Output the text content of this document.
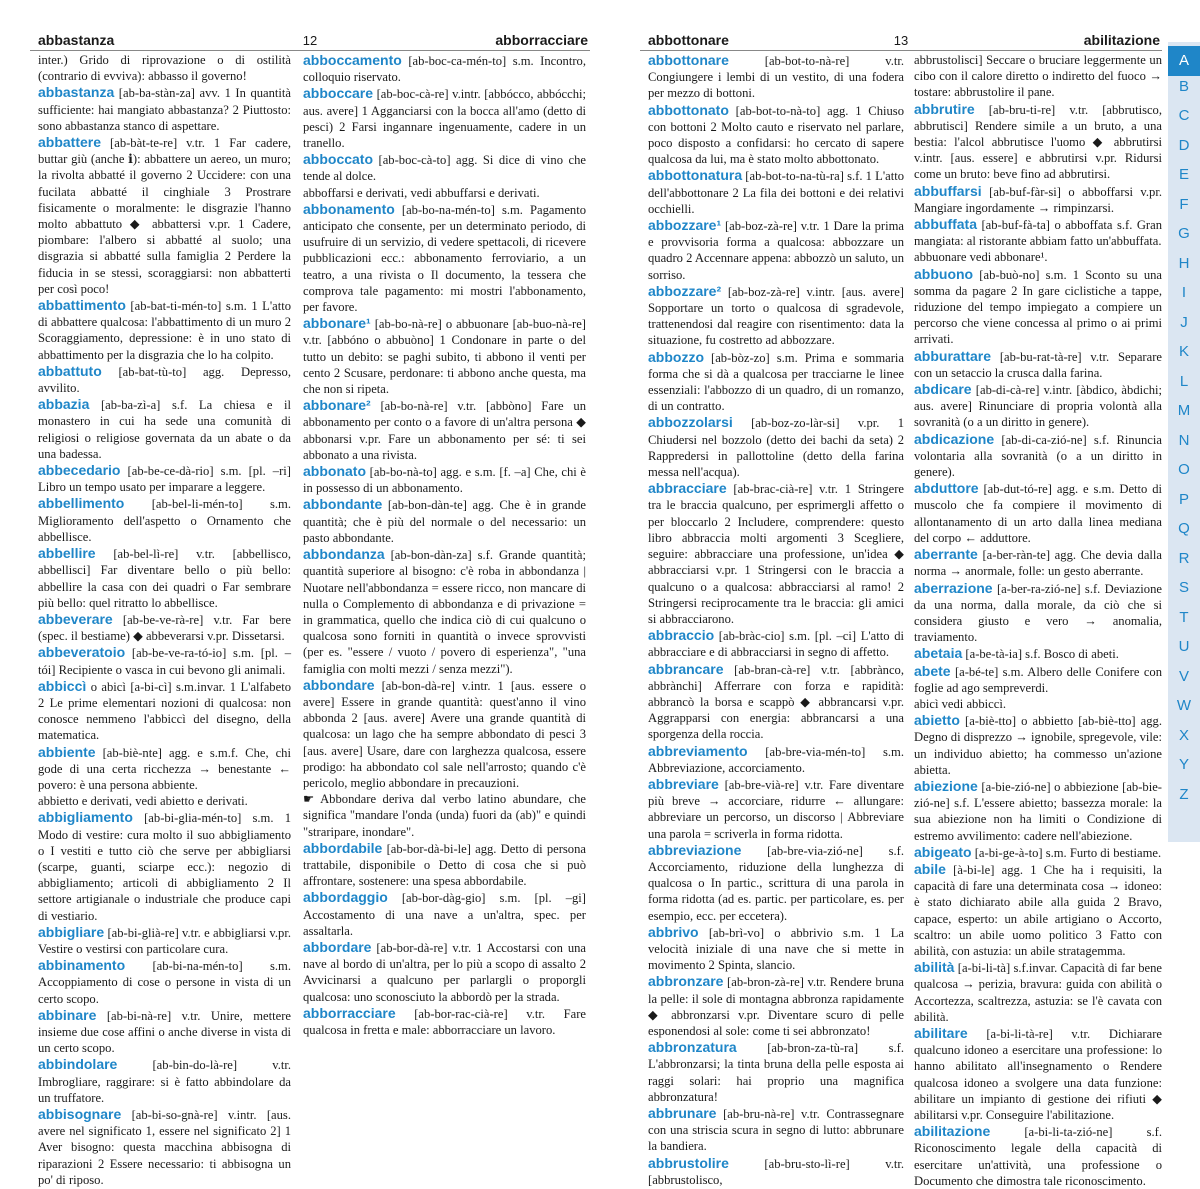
abbastanza	12	abborracciare

inter.) Grido di riprovazione o di ostilità (contrario di evviva): abbasso il governo!

abbastanza [ab-ba-stàn-za] avv. 1 In quantità sufficiente: hai mangiato abbastanza? 2 Piuttosto: sono abbastanza stanco di aspettare.

abbattere [ab-bàt-te-re] v.tr. 1 Far cadere, buttar giù (anche ℹ): abbattere un aereo, un muro; la rivolta abbatté il governo 2 Uccidere: con una fucilata abbatté il cinghiale 3 Prostrare fisicamente o moralmente: le disgrazie l'hanno molto abbattuto ◆ abbattersi v.pr. 1 Cadere, piombare: l'albero si abbatté al suolo; una disgrazia si abbatté sulla famiglia 2 Perdere la fiducia in se stessi, scoraggiarsi: non abbatterti per così poco!

abbattimento [ab-bat-ti-mén-to] s.m. 1 L'atto di abbattere qualcosa: l'abbattimento di un muro 2 Scoraggiamento, depressione: è in uno stato di abbattimento per la disgrazia che lo ha colpito.

abbattuto [ab-bat-tù-to] agg. Depresso, avvilito.

abbazia [ab-ba-zì-a] s.f. La chiesa e il monastero in cui ha sede una comunità di religiosi o religiose governata da un abate o da una badessa.

abbecedario [ab-be-ce-dà-rio] s.m. [pl. –ri] Libro un tempo usato per imparare a leggere.

abbellimento [ab-bel-li-mén-to] s.m. Miglioramento dell'aspetto o Ornamento che abbellisce.

abbellire [ab-bel-lì-re] v.tr. [abbellisco, abbellisci] Far diventare bello o più bello: abbellire la casa con dei quadri o Far sembrare più bello: quel ritratto lo abbellisce.

abbeverare [ab-be-ve-rà-re] v.tr. Far bere (spec. il bestiame) ◆ abbeverarsi v.pr. Dissetarsi.

abbeveratoio [ab-be-ve-ra-tó-io] s.m. [pl. –tói] Recipiente o vasca in cui bevono gli animali.

abbiccì o abicì [a-bi-cì] s.m.invar. 1 L'alfabeto 2 Le prime elementari nozioni di qualcosa: non conosce nemmeno l'abbiccì del disegno, della matematica.

abbiente [ab-biè-nte] agg. e s.m.f. Che, chi gode di una certa ricchezza → benestante ← povero: è una persona abbiente.

abbietto e derivati, vedi abietto e derivati.

abbigliamento [ab-bi-glia-mén-to] s.m. 1 Modo di vestire: cura molto il suo abbigliamento o I vestiti e tutto ciò che serve per abbigliarsi (scarpe, guanti, sciarpe ecc.): negozio di abbigliamento; articoli di abbigliamento 2 Il settore artigianale o industriale che produce capi di vestiario.

abbigliare [ab-bi-glià-re] v.tr. e abbigliarsi v.pr. Vestire o vestirsi con particolare cura.

abbinamento [ab-bi-na-mén-to] s.m. Accoppiamento di cose o persone in vista di un certo scopo.

abbinare [ab-bi-nà-re] v.tr. Unire, mettere insieme due cose affini o anche diverse in vista di un certo scopo.

abbindolare	[ab-bin-do-là-re] v.tr. Imbrogliare, raggirare: si è fatto abbindolare da un truffatore.

abbisognare [ab-bi-so-gnà-re] v.intr. [aus. avere nel significato 1, essere nel significato 2] 1 Aver bisogno: questa macchina abbisogna di riparazioni 2 Essere necessario: ti abbisogna un po' di riposo.

abboccamento [ab-boc-ca-mén-to] s.m. Incontro, colloquio riservato.

abboccare [ab-boc-cà-re] v.intr. [abbócco, abbócchi; aus. avere] 1 Agganciarsi con la bocca all'amo (detto di pesci) 2 Farsi ingannare ingenuamente, cadere in un tranello.

abboccato [ab-boc-cà-to] agg. Si dice di vino che tende al dolce.

abboffarsi e derivati, vedi abbuffarsi e derivati.

abbonamento [ab-bo-na-mén-to] s.m. Pagamento anticipato che consente, per un determinato periodo, di usufruire di un servizio, di vedere spettacoli, di ricevere pubblicazioni ecc.: abbonamento ferroviario, a un teatro, a una rivista o Il documento, la tessera che comprova tale pagamento: mi mostri l'abbonamento, per favore.

abbonare¹ [ab-bo-nà-re] o abbuonare [ab-buo-nà-re] v.tr. [abbóno o abbuòno] 1 Condonare in parte o del tutto un debito: se paghi subito, ti abbono il venti per cento 2 Scusare, perdonare: ti abbono anche questa, ma che non si ripeta.

abbonare² [ab-bo-nà-re] v.tr. [abbòno] Fare un abbonamento per conto o a favore di un'altra persona ◆ abbonarsi v.pr. Fare un abbonamento per sé: ti sei abbonato a una rivista.

abbonato [ab-bo-nà-to] agg. e s.m. [f. –a] Che, chi è in possesso di un abbonamento.

abbondante [ab-bon-dàn-te] agg. Che è in grande quantità; che è più del normale o del necessario: un pasto abbondante.

abbondanza [ab-bon-dàn-za] s.f. Grande quantità; quantità superiore al bisogno: c'è roba in abbondanza | Nuotare nell'abbondanza = essere ricco, non mancare di nulla o Complemento di abbondanza e di privazione = in grammatica, quello che indica ciò di cui qualcuno o qualcosa sono forniti in quantità o invece sprovvisti (per es. "essere / vuoto / povero di esperienza", "una famiglia con molti mezzi / senza mezzi").

abbondare [ab-bon-dà-re] v.intr. 1 [aus. essere o avere] Essere in grande quantità: quest'anno il vino abbonda 2 [aus. avere] Avere una grande quantità di qualcosa: un lago che ha sempre abbondato di pesci 3 [aus. avere] Usare, dare con larghezza qualcosa, essere prodigo: ha abbondato col sale nell'arrosto; quando c'è pericolo, meglio abbondare in precauzioni.

☛ Abbondare deriva dal verbo latino abundare, che significa "mandare l'onda (unda) fuori da (ab)" e quindi "straripare, inondare".

abbordabile [ab-bor-dà-bi-le] agg. Detto di persona trattabile, disponibile o Detto di cosa che si può affrontare, sostenere: una spesa abbordabile.

abbordaggio [ab-bor-dàg-gio] s.m. [pl. –gi] Accostamento di una nave a un'altra, spec. per assaltarla.

abbordare [ab-bor-dà-re] v.tr. 1 Accostarsi con una nave al bordo di un'altra, per lo più a scopo di assalto 2 Avvicinarsi a qualcuno per parlargli o proporgli qualcosa: uno sconosciuto la abbordò per la strada.

abborracciare [ab-bor-rac-cià-re] v.tr. Fare qualcosa in fretta e male: abborracciare un lavoro.

abbottonare	13	abilitazione

abbottonare	[ab-bot-to-nà-re] v.tr. Congiungere i lembi di un vestito, di una fodera per mezzo di bottoni.

abbottonato [ab-bot-to-nà-to] agg. 1 Chiuso con bottoni 2 Molto cauto e riservato nel parlare, poco disposto a confidarsi: ho cercato di sapere qualcosa da lui, ma è stato molto abbottonato.

abbottonatura [ab-bot-to-na-tù-ra] s.f. 1 L'atto dell'abbottonare 2 La fila dei bottoni e dei relativi occhielli.

abbozzare¹ [ab-boz-zà-re] v.tr. 1 Dare la prima e provvisoria forma a qualcosa: abbozzare un quadro 2 Accennare appena: abbozzò un saluto, un sorriso.

abbozzare² [ab-boz-zà-re] v.intr. [aus. avere] Sopportare un torto o qualcosa di sgradevole, trattenendosi dal reagire con risentimento: data la situazione, fu costretto ad abbozzare.

abbozzo [ab-bòz-zo] s.m. Prima e sommaria forma che si dà a qualcosa per tracciarne le linee essenziali: l'abbozzo di un quadro, di un romanzo, di un contratto.

abbozzolarsi [ab-boz-zo-làr-si] v.pr. 1 Chiudersi nel bozzolo (detto dei bachi da seta) 2 Rappredersi in pallottoline (detto della farina messa nell'acqua).

abbracciare [ab-brac-cià-re] v.tr. 1 Stringere tra le braccia qualcuno, per esprimergli affetto o per bloccarlo 2 Includere, comprendere: questo libro abbraccia molti argomenti 3 Scegliere, seguire: abbracciare una professione, un'idea ◆ abbracciarsi v.pr. 1 Stringersi con le braccia a qualcuno o a qualcosa: abbracciarsi al ramo! 2 Stringersi reciprocamente tra le braccia: gli amici si abbracciarono.

abbraccio [ab-bràc-cio] s.m. [pl. –ci] L'atto di abbracciare e di abbracciarsi in segno di affetto.

abbrancare [ab-bran-cà-re] v.tr. [abbrànco, abbrànchi] Afferrare con forza e rapidità: abbrancò la borsa e scappò ◆ abbrancarsi v.pr. Aggrapparsi con energia: abbrancarsi a una sporgenza della roccia.

abbreviamento [ab-bre-via-mén-to] s.m. Abbreviazione, accorciamento.

abbreviare [ab-bre-vià-re] v.tr. Fare diventare più breve → accorciare, ridurre ← allungare: abbreviare un percorso, un discorso | Abbreviare una parola = scriverla in forma ridotta.

abbreviazione [ab-bre-via-zió-ne] s.f. Accorciamento, riduzione della lunghezza di qualcosa o In partic., scrittura di una parola in forma ridotta (ad es. partic. per particolare, es. per esempio, ecc. per eccetera).

abbrivo [ab-brì-vo] o abbrivio s.m. 1 La velocità iniziale di una nave che si mette in movimento 2 Spinta, slancio.

abbronzare [ab-bron-zà-re] v.tr. Rendere bruna la pelle: il sole di montagna abbronza rapidamente ◆ abbronzarsi v.pr. Diventare scuro di pelle esponendosi al sole: come ti sei abbronzato!

abbronzatura [ab-bron-za-tù-ra] s.f. L'abbronzarsi; la tinta bruna della pelle esposta ai raggi solari: hai proprio una magnifica abbronzatura!

abbrunare [ab-bru-nà-re] v.tr. Contrassegnare con una striscia scura in segno di lutto: abbrunare la bandiera.

abbrustolire	[ab-bru-sto-lì-re] v.tr. [abbrustolisco,

abbrustolisci] Seccare o bruciare leggermente un cibo con il calore diretto o indiretto del fuoco → tostare: abbrustolire il pane.

abbrutire [ab-bru-ti-re] v.tr. [abbrutisco, abbrutisci] Rendere simile a un bruto, a una bestia: l'alcol abbrutisce l'uomo ◆ abbrutirsi v.intr. [aus. essere] e abbrutirsi v.pr. Ridursi come un bruto: beve fino ad abbrutirsi.

abbuffarsi [ab-buf-fàr-si] o abboffarsi v.pr. Mangiare ingordamente → rimpinzarsi.

abbuffata [ab-buf-fà-ta] o abboffata s.f. Gran mangiata: al ristorante abbiam fatto un'abbuffata.

abbuonare vedi abbonare¹.

abbuono [ab-buò-no] s.m. 1 Sconto su una somma da pagare 2 In gare ciclistiche a tappe, riduzione del tempo impiegato a compiere un percorso che viene concessa al primo o ai primi arrivati.

abburattare [ab-bu-rat-tà-re] v.tr. Separare con un setaccio la crusca dalla farina.

abdicare [ab-di-cà-re] v.intr. [àbdico, àbdichi; aus. avere] Rinunciare di propria volontà alla sovranità (o a un diritto in genere).

abdicazione [ab-di-ca-zió-ne] s.f. Rinuncia volontaria alla sovranità (o a un diritto in genere).

abduttore [ab-dut-tó-re] agg. e s.m. Detto di muscolo che fa compiere il movimento di allontanamento di un arto dalla linea mediana del corpo ← adduttore.

aberrante [a-ber-ràn-te] agg. Che devia dalla norma → anormale, folle: un gesto aberrante.

aberrazione [a-ber-ra-zió-ne] s.f. Deviazione da una norma, dalla morale, da ciò che si considera giusto e vero → anomalia, traviamento.

abetaia [a-be-tà-ia] s.f. Bosco di abeti.

abete [a-bé-te] s.m. Albero delle Conifere con foglie ad ago sempreverdi.

abicì vedi abbiccì.

abietto [a-biè-tto] o abbietto [ab-biè-tto] agg. Degno di disprezzo → ignobile, spregevole, vile: un individuo abietto; ha commesso un'azione abietta.

abiezione [a-bie-zió-ne] o abbiezione [ab-bie-zió-ne] s.f. L'essere abietto; bassezza morale: la sua abiezione non ha limiti o Condizione di estremo avvilimento: cadere nell'abiezione.

abigeato [a-bi-ge-à-to] s.m. Furto di bestiame.

abile [à-bi-le] agg. 1 Che ha i requisiti, la capacità di fare una determinata cosa → idoneo: è stato dichiarato abile alla guida 2 Bravo, capace, esperto: un abile artigiano o Accorto, scaltro: un abile uomo politico 3 Fatto con abilità, con astuzia: un abile stratagemma.

abilità [a-bi-li-tà] s.f.invar. Capacità di far bene qualcosa → perizia, bravura: guida con abilità o Accortezza, scaltrezza, astuzia: se l'è cavata con abilità.

abilitare [a-bi-li-tà-re] v.tr. Dichiarare qualcuno idoneo a esercitare una professione: lo hanno abilitato all'insegnamento o Rendere qualcosa idoneo a svolgere una data funzione: abilitare un impianto di gestione dei rifiuti ◆ abilitarsi v.pr. Conseguire l'abilitazione.

abilitazione	[a-bi-li-ta-zió-ne] s.f. Riconoscimento legale della capacità di esercitare un'attività, una professione o Documento che dimostra tale riconoscimento.

A
B
C
D
E
F
G
H
I
J
K
L
M
N
O
P
Q
R
S
T
U
V
W
X
Y
Z
